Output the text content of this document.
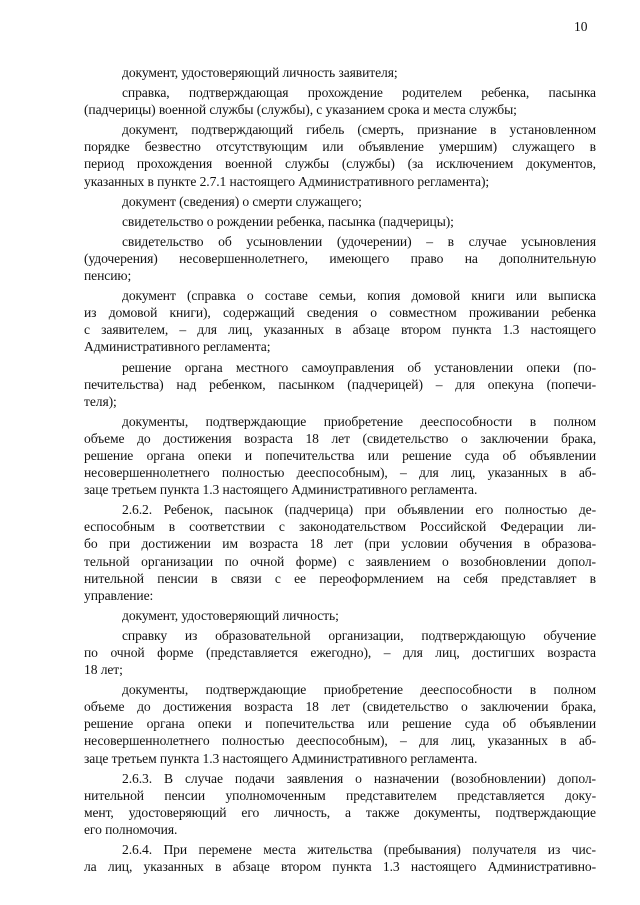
10
документ, удостоверяющий личность заявителя;
справка, подтверждающая прохождение родителем ребенка, пасынка
(падчерицы) военной службы (службы), с указанием срока и места службы;
документ, подтверждающий гибель (смерть, признание в установленном
порядке безвестно отсутствующим или объявление умершим) служащего в
период прохождения военной службы (службы) (за исключением документов,
указанных в пункте 2.7.1 настоящего Административного регламента);
документ (сведения) о смерти служащего;
свидетельство о рождении ребенка, пасынка (падчерицы);
свидетельство об усыновлении (удочерении) – в случае усыновления
(удочерения) несовершеннолетнего, имеющего право на дополнительную
пенсию;
документ (справка о составе семьи, копия домовой книги или выписка
из домовой книги), содержащий сведения о совместном проживании ребенка
с заявителем, – для лиц, указанных в абзаце втором пункта 1.3 настоящего
Административного регламента;
решение органа местного самоуправления об установлении опеки (по-
печительства) над ребенком, пасынком (падчерицей) – для опекуна (попечи-
теля);
документы, подтверждающие приобретение дееспособности в полном
объеме до достижения возраста 18 лет (свидетельство о заключении брака,
решение органа опеки и попечительства или решение суда об объявлении
несовершеннолетнего полностью дееспособным), – для лиц, указанных в аб-
заце третьем пункта 1.3 настоящего Административного регламента.
2.6.2. Ребенок, пасынок (падчерица) при объявлении его полностью де-
еспособным в соответствии с законодательством Российской Федерации ли-
бо при достижении им возраста 18 лет (при условии обучения в образова-
тельной организации по очной форме) с заявлением о возобновлении допол-
нительной пенсии в связи с ее переоформлением на себя представляет в
управление:
документ, удостоверяющий личность;
справку из образовательной организации, подтверждающую обучение
по очной форме (представляется ежегодно), – для лиц, достигших возраста
18 лет;
документы, подтверждающие приобретение дееспособности в полном
объеме до достижения возраста 18 лет (свидетельство о заключении брака,
решение органа опеки и попечительства или решение суда об объявлении
несовершеннолетнего полностью дееспособным), – для лиц, указанных в аб-
заце третьем пункта 1.3 настоящего Административного регламента.
2.6.3. В случае подачи заявления о назначении (возобновлении) допол-
нительной пенсии уполномоченным представителем представляется доку-
мент, удостоверяющий его личность, а также документы, подтверждающие
его полномочия.
2.6.4. При перемене места жительства (пребывания) получателя из чис-
ла лиц, указанных в абзаце втором пункта 1.3 настоящего Административно-
